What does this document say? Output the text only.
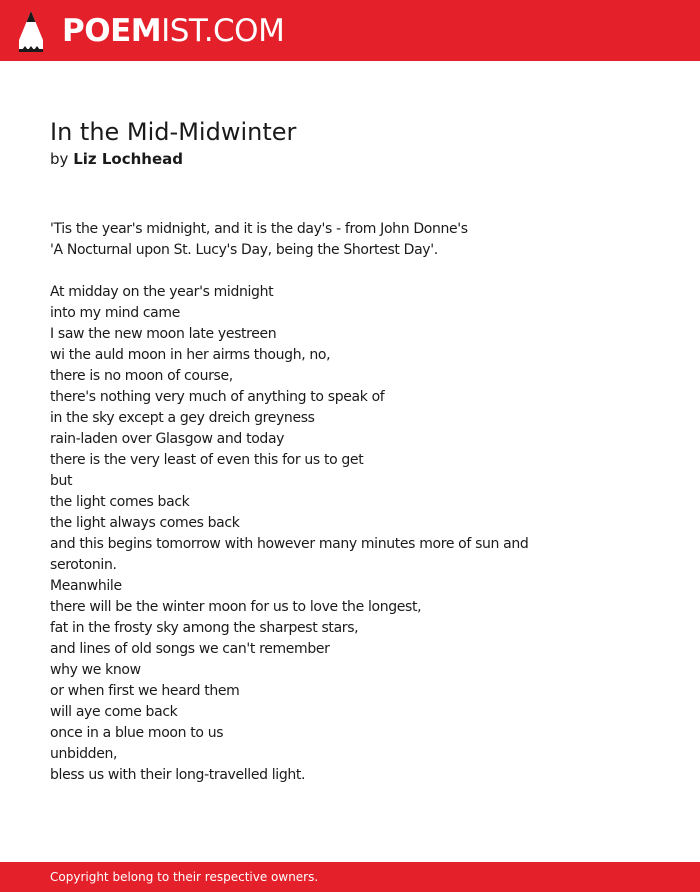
POEMIST.COM
In the Mid-Midwinter
by Liz Lochhead
'Tis the year's midnight, and it is the day's - from John Donne's
'A Nocturnal upon St. Lucy's Day, being the Shortest Day'.
At midday on the year's midnight
into my mind came
I saw the new moon late yestreen
wi the auld moon in her airms though, no,
there is no moon of course,
there's nothing very much of anything to speak of
in the sky except a gey dreich greyness
rain-laden over Glasgow and today
there is the very least of even this for us to get
but
the light comes back
the light always comes back
and this begins tomorrow with however many minutes more of sun and
serotonin.
Meanwhile
there will be the winter moon for us to love the longest,
fat in the frosty sky among the sharpest stars,
and lines of old songs we can't remember
why we know
or when first we heard them
will aye come back
once in a blue moon to us
unbidden,
bless us with their long-travelled light.
Copyright belong to their respective owners.
